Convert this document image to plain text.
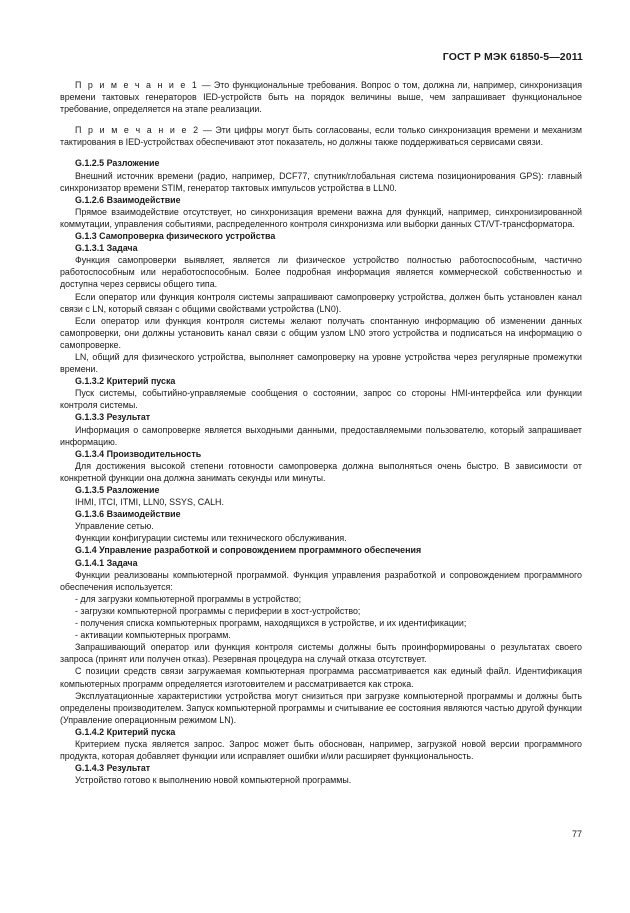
ГОСТ Р МЭК 61850-5—2011

П р и м е ч а н и е 1 — Это функциональные требования. Вопрос о том, должна ли, например, синхронизация времени тактовых генераторов IED-устройств быть на порядок величины выше, чем запрашивает функциональное требование, определяется на этапе реализации.

П р и м е ч а н и е 2 — Эти цифры могут быть согласованы, если только синхронизация времени и механизм тактирования в IED-устройствах обеспечивают этот показатель, но должны также поддерживаться сервисами связи.

G.1.2.5 Разложение

Внешний источник времени (радио, например, DCF77, спутник/глобальная система позиционирования GPS): главный синхронизатор времени STIM, генератор тактовых импульсов устройства в LLN0.

G.1.2.6 Взаимодействие

Прямое взаимодействие отсутствует, но синхронизация времени важна для функций, например, синхронизированной коммутации, управления событиями, распределенного контроля синхронизма или выборки данных CT/VT-трансформатора.

G.1.3 Самопроверка физического устройства

G.1.3.1 Задача

Функция самопроверки выявляет, является ли физическое устройство полностью работоспособным, частично работоспособным или неработоспособным. Более подробная информация является коммерческой собственностью и доступна через сервисы общего типа.

Если оператор или функция контроля системы запрашивают самопроверку устройства, должен быть установлен канал связи с LN, который связан с общими свойствами устройства (LN0).

Если оператор или функция контроля системы желают получать спонтанную информацию об изменении данных самопроверки, они должны установить канал связи с общим узлом LN0 этого устройства и подписаться на информацию о самопроверке.

LN, общий для физического устройства, выполняет самопроверку на уровне устройства через регулярные промежутки времени.

G.1.3.2 Критерий пуска

Пуск системы, событийно-управляемые сообщения о состоянии, запрос со стороны HMI-интерфейса или функции контроля системы.

G.1.3.3 Результат

Информация о самопроверке является выходными данными, предоставляемыми пользователю, который запрашивает информацию.

G.1.3.4 Производительность

Для достижения высокой степени готовности самопроверка должна выполняться очень быстро. В зависимости от конкретной функции она должна занимать секунды или минуты.

G.1.3.5 Разложение

IHMI, ITCI, ITMI, LLN0, SSYS, CALH.

G.1.3.6 Взаимодействие

Управление сетью.

Функции конфигурации системы или технического обслуживания.

G.1.4 Управление разработкой и сопровождением программного обеспечения

G.1.4.1 Задача

Функции реализованы компьютерной программой. Функция управления разработкой и сопровождением программного обеспечения используется:

- для загрузки компьютерной программы в устройство;

- загрузки компьютерной программы с периферии в хост-устройство;

- получения списка компьютерных программ, находящихся в устройстве, и их идентификации;

- активации компьютерных программ.

Запрашивающий оператор или функция контроля системы должны быть проинформированы о результатах своего запроса (принят или получен отказ). Резервная процедура на случай отказа отсутствует.

С позиции средств связи загружаемая компьютерная программа рассматривается как единый файл. Идентификация компьютерных программ определяется изготовителем и рассматривается как строка.

Эксплуатационные характеристики устройства могут снизиться при загрузке компьютерной программы и должны быть определены производителем. Запуск компьютерной программы и считывание ее состояния являются частью другой функции (Управление операционным режимом LN).

G.1.4.2 Критерий пуска

Критерием пуска является запрос. Запрос может быть обоснован, например, загрузкой новой версии программного продукта, которая добавляет функции или исправляет ошибки и/или расширяет функциональность.

G.1.4.3 Результат

Устройство готово к выполнению новой компьютерной программы.

77
